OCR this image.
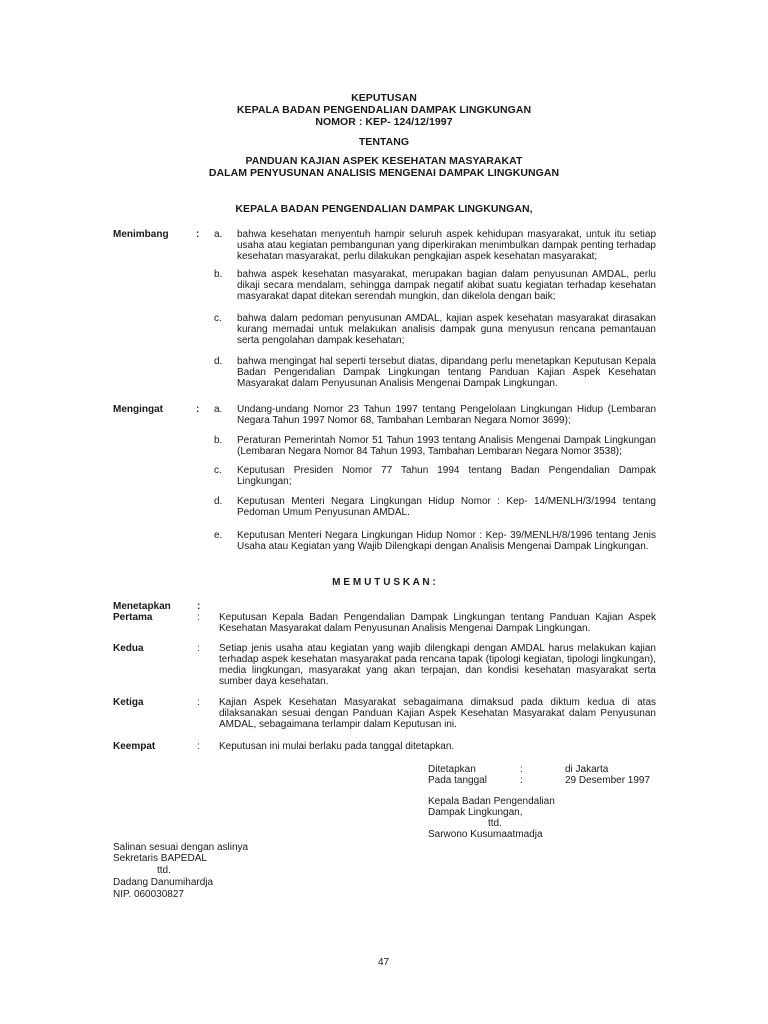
KEPUTUSAN
KEPALA BADAN PENGENDALIAN DAMPAK LINGKUNGAN
NOMOR : KEP- 124/12/1997
TENTANG
PANDUAN KAJIAN ASPEK KESEHATAN MASYARAKAT
DALAM PENYUSUNAN ANALISIS MENGENAI DAMPAK LINGKUNGAN
KEPALA BADAN PENGENDALIAN DAMPAK LINGKUNGAN,
Menimbang	: a.	bahwa kesehatan menyentuh hampir seluruh aspek kehidupan masyarakat, untuk itu setiap usaha atau kegiatan pembangunan yang diperkirakan menimbulkan dampak penting terhadap kesehatan masyarakat, perlu dilakukan pengkajian aspek kesehatan masyarakat;
b.	bahwa aspek kesehatan masyarakat, merupakan bagian dalam penyusunan AMDAL, perlu dikaji secara mendalam, sehingga dampak negatif akibat suatu kegiatan terhadap kesehatan masyarakat dapat ditekan serendah mungkin, dan dikelola dengan baik;
c.	bahwa dalam pedoman penyusunan AMDAL, kajian aspek kesehatan masyarakat dirasakan kurang memadai untuk melakukan analisis dampak guna menyusun rencana pemantauan serta pengolahan dampak kesehatan;
d.	bahwa mengingat hal seperti tersebut diatas, dipandang perlu menetapkan Keputusan Kepala Badan Pengendalian Dampak Lingkungan tentang Panduan Kajian Aspek Kesehatan Masyarakat dalam Penyusunan Analisis Mengenai Dampak Lingkungan.
Mengingat	: a.	Undang-undang Nomor 23 Tahun 1997 tentang Pengelolaan Lingkungan Hidup (Lembaran Negara Tahun 1997 Nomor 68, Tambahan Lembaran Negara Nomor 3699);
b.	Peraturan Pemerintah Nomor 51 Tahun 1993 tentang Analisis Mengenai Dampak Lingkungan (Lembaran Negara Nomor 84 Tahun 1993, Tambahan Lembaran Negara Nomor 3538);
c.	Keputusan Presiden Nomor 77 Tahun 1994 tentang Badan Pengendalian Dampak Lingkungan;
d.	Keputusan Menteri Negara Lingkungan Hidup Nomor : Kep- 14/MENLH/3/1994 tentang Pedoman Umum Penyusunan AMDAL.
e.	Keputusan Menteri Negara Lingkungan Hidup Nomor : Kep- 39/MENLH/8/1996 tentang Jenis Usaha atau Kegiatan yang Wajib Dilengkapi dengan Analisis Mengenai Dampak Lingkungan.
M E M U T U S K A N :
Menetapkan	:
Pertama	: Keputusan Kepala Badan Pengendalian Dampak Lingkungan tentang Panduan Kajian Aspek Kesehatan Masyarakat dalam Penyusunan Analisis Mengenai Dampak Lingkungan.
Kedua	: Setiap jenis usaha atau kegiatan yang wajib dilengkapi dengan AMDAL harus melakukan kajian terhadap aspek kesehatan masyarakat pada rencana tapak (tipologi kegiatan, tipologi lingkungan), media lingkungan, masyarakat yang akan terpajan, dan kondisi kesehatan masyarakat serta sumber daya kesehatan.
Ketiga	: Kajian Aspek Kesehatan Masyarakat sebagaimana dimaksud pada diktum kedua di atas dilaksanakan sesuai dengan Panduan Kajian Aspek Kesehatan Masyarakat dalam Penyusunan AMDAL, sebagaimana terlampir dalam Keputusan ini.
Keempat	: Keputusan ini mulai berlaku pada tanggal ditetapkan.
Ditetapkan	:	di Jakarta
Pada tanggal	:	29 Desember 1997
Kepala Badan Pengendalian
Dampak Lingkungan,
ttd.
Sarwono Kusumaatmadja
Salinan sesuai dengan aslinya
Sekretaris BAPEDAL
ttd.
Dadang Danumihardja
NIP. 060030827
47
